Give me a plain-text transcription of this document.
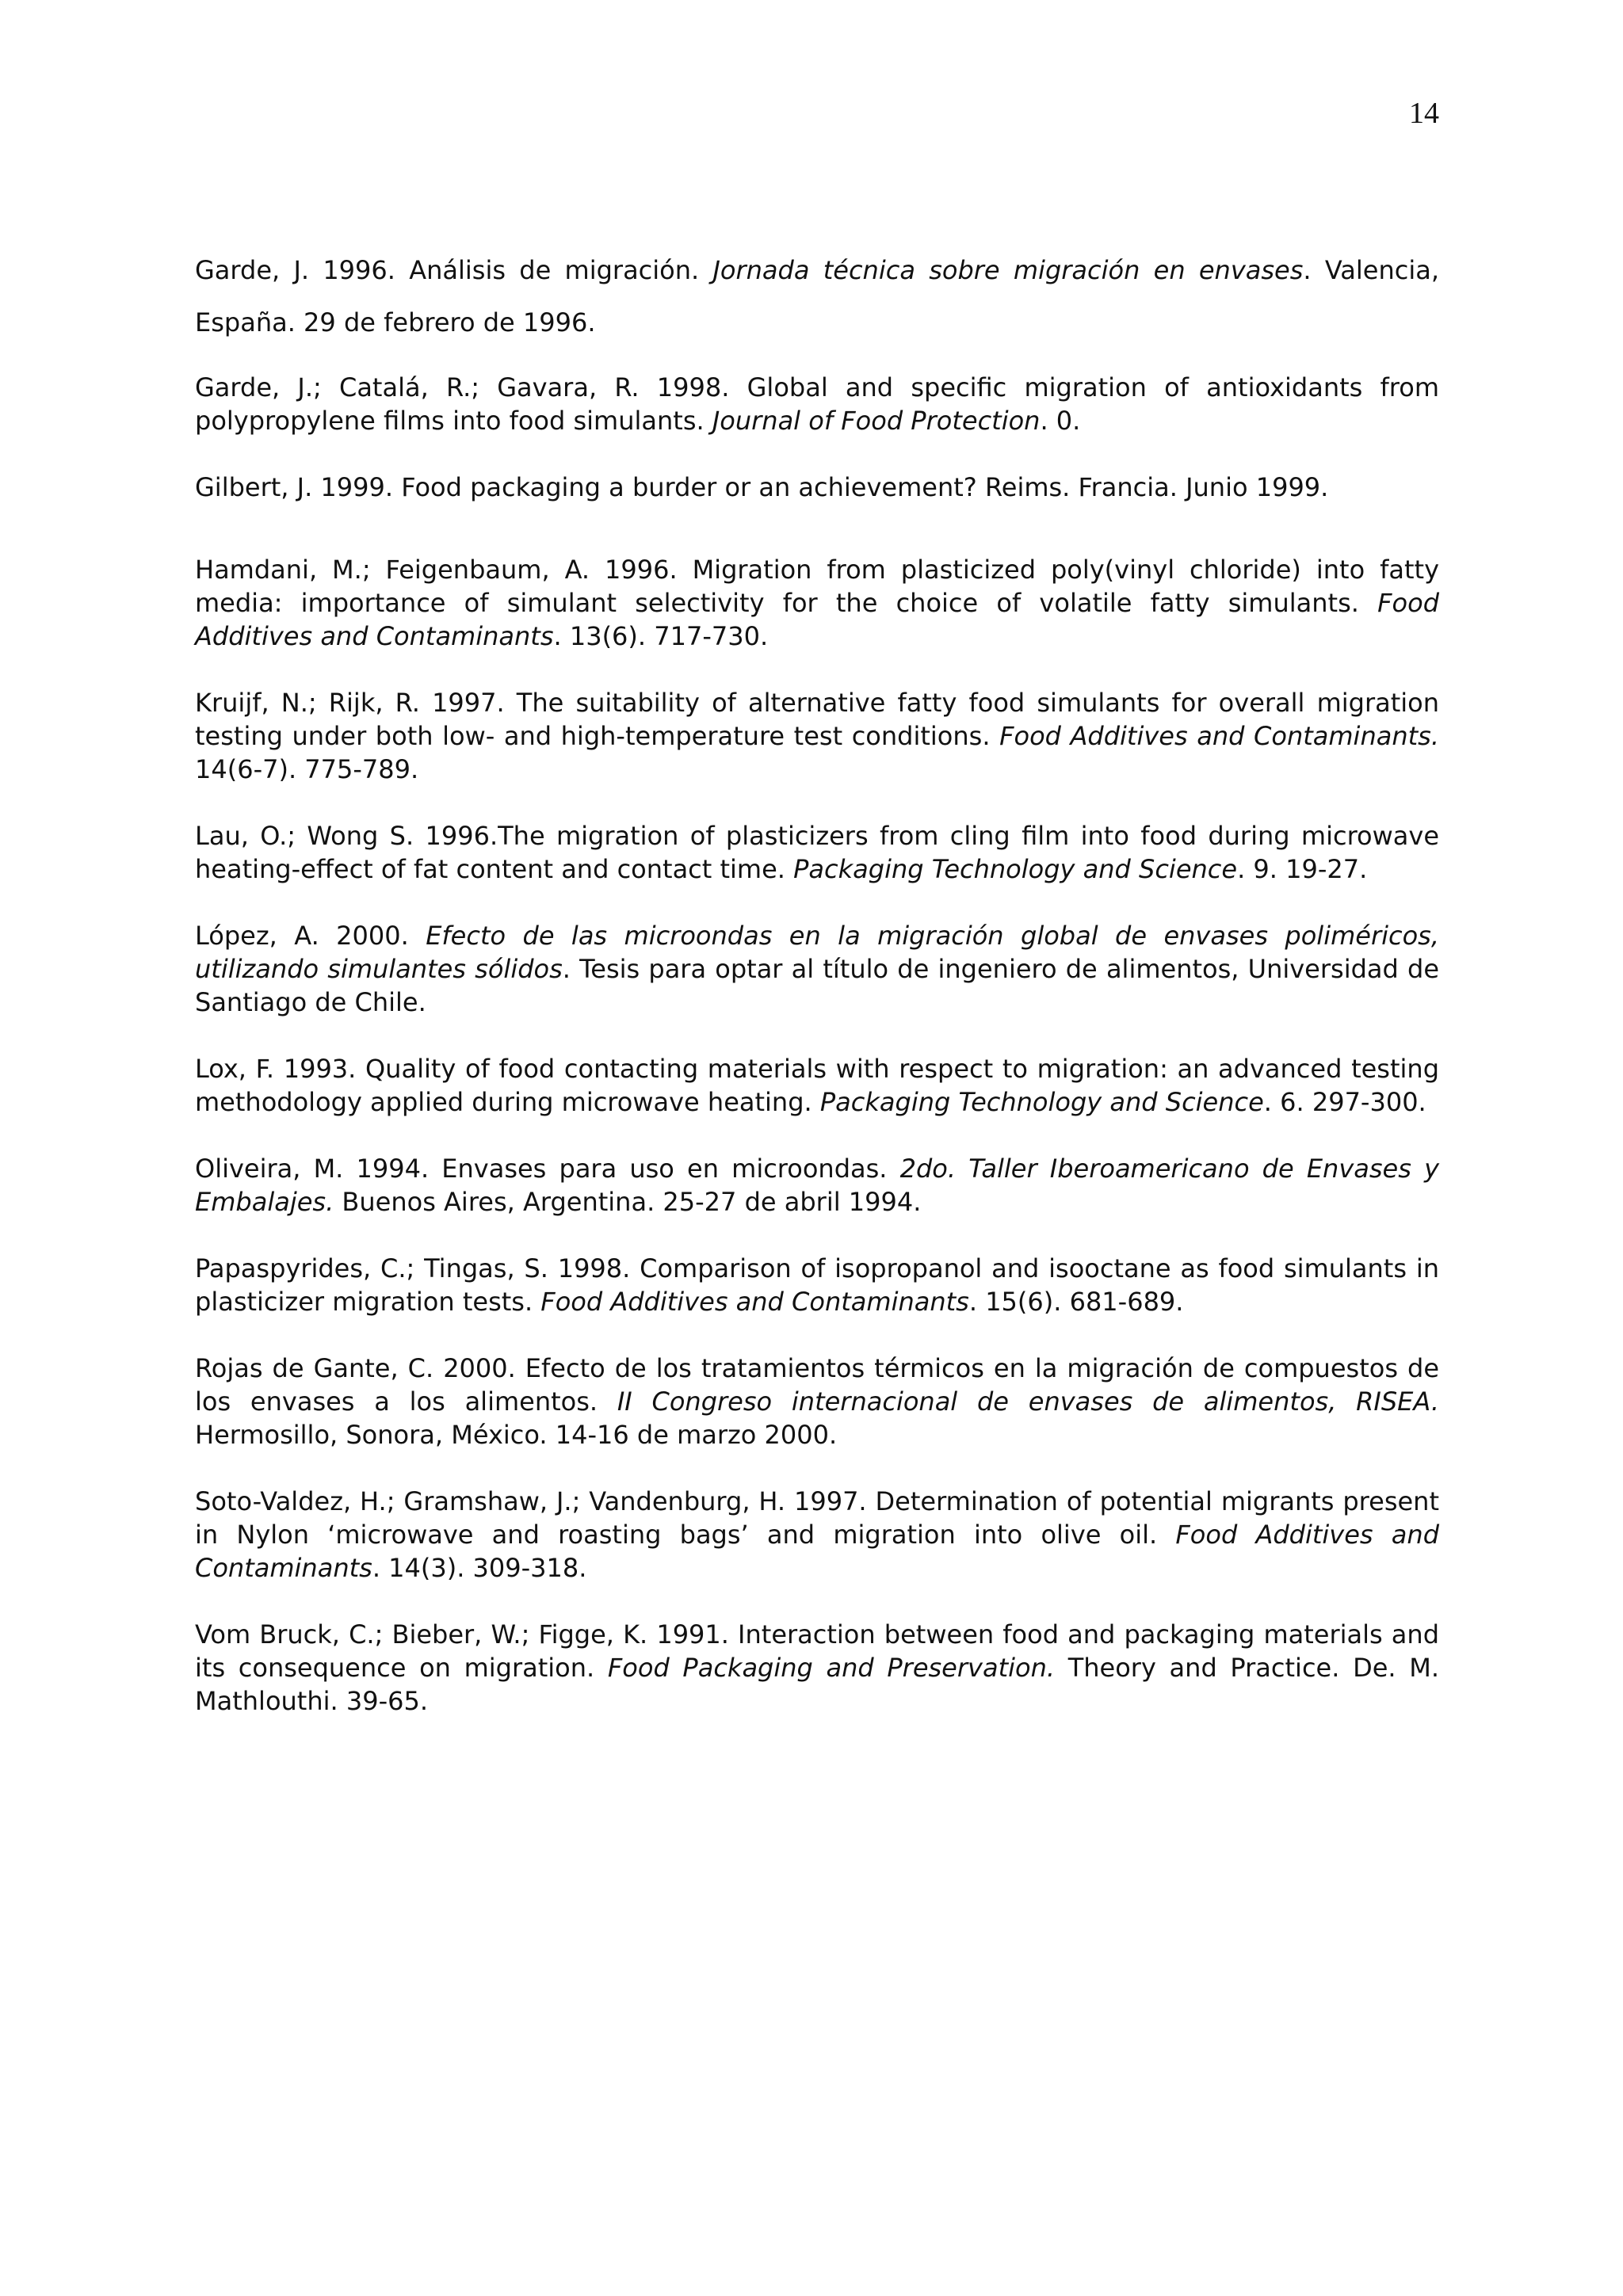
14

Garde, J. 1996. Análisis de migración. Jornada técnica sobre migración en envases. Valencia, España. 29 de febrero de 1996.

Garde, J.; Catalá, R.; Gavara, R. 1998. Global and specific migration of antioxidants from polypropylene films into food simulants. Journal of Food Protection. 0.

Gilbert, J. 1999. Food packaging a burder or an achievement? Reims. Francia. Junio 1999.

Hamdani, M.; Feigenbaum, A. 1996. Migration from plasticized poly(vinyl chloride) into fatty media: importance of simulant selectivity for the choice of volatile fatty simulants. Food Additives and Contaminants. 13(6). 717-730.

Kruijf, N.; Rijk, R. 1997. The suitability of alternative fatty food simulants for overall migration testing under both low- and high-temperature test conditions. Food Additives and Contaminants. 14(6-7). 775-789.

Lau, O.; Wong S. 1996.The migration of plasticizers from cling film into food during microwave heating-effect of fat content and contact time. Packaging Technology and Science. 9. 19-27.

López, A. 2000. Efecto de las microondas en la migración global de envases poliméricos, utilizando simulantes sólidos. Tesis para optar al título de ingeniero de alimentos, Universidad de Santiago de Chile.

Lox, F. 1993. Quality of food contacting materials with respect to migration: an advanced testing methodology applied during microwave heating. Packaging Technology and Science. 6. 297-300.

Oliveira, M. 1994. Envases para uso en microondas. 2do. Taller Iberoamericano de Envases y Embalajes. Buenos Aires, Argentina. 25-27 de abril 1994.

Papaspyrides, C.; Tingas, S. 1998. Comparison of isopropanol and isooctane as food simulants in plasticizer migration tests. Food Additives and Contaminants. 15(6). 681-689.

Rojas de Gante, C. 2000. Efecto de los tratamientos térmicos en la migración de compuestos de los envases a los alimentos. II Congreso internacional de envases de alimentos, RISEA. Hermosillo, Sonora, México. 14-16 de marzo 2000.

Soto-Valdez, H.; Gramshaw, J.; Vandenburg, H. 1997. Determination of potential migrants present in Nylon ‘microwave and roasting bags’ and migration into olive oil. Food Additives and Contaminants. 14(3). 309-318.

Vom Bruck, C.; Bieber, W.; Figge, K. 1991. Interaction between food and packaging materials and its consequence on migration. Food Packaging and Preservation. Theory and Practice. De. M. Mathlouthi. 39-65.
